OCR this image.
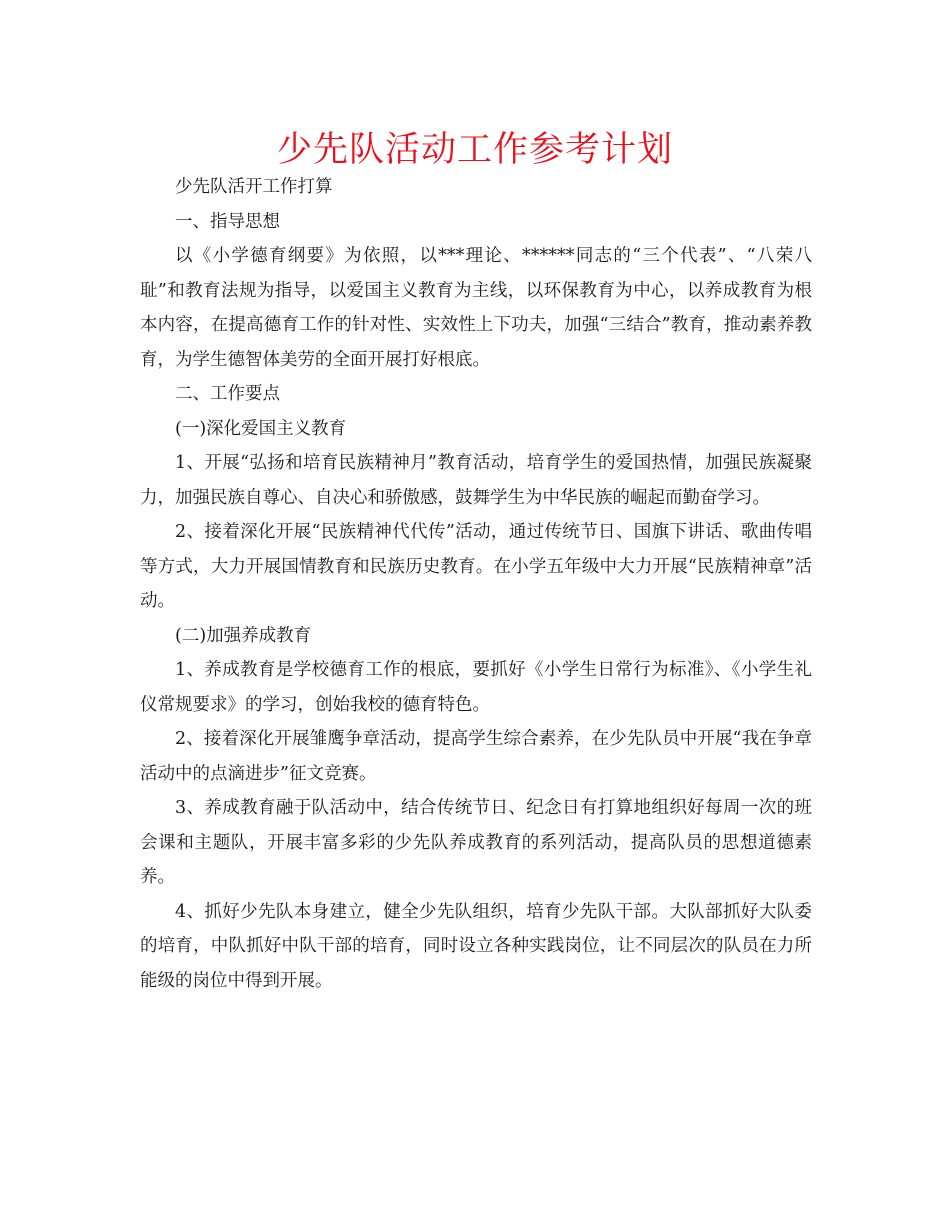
少先队活动工作参考计划

少先队活开工作打算

一、指导思想

以《小学德育纲要》为依照，以***理论、******同志的“三个代表”、“八荣八耻”和教育法规为指导，以爱国主义教育为主线，以环保教育为中心，以养成教育为根本内容，在提高德育工作的针对性、实效性上下功夫，加强“三结合”教育，推动素养教育，为学生德智体美劳的全面开展打好根底。

二、工作要点

(一)深化爱国主义教育

1、开展“弘扬和培育民族精神月”教育活动，培育学生的爱国热情，加强民族凝聚力，加强民族自尊心、自决心和骄傲感，鼓舞学生为中华民族的崛起而勤奋学习。

2、接着深化开展“民族精神代代传”活动，通过传统节日、国旗下讲话、歌曲传唱等方式，大力开展国情教育和民族历史教育。在小学五年级中大力开展“民族精神章”活动。

(二)加强养成教育

1、养成教育是学校德育工作的根底，要抓好《小学生日常行为标准》、《小学生礼仪常规要求》的学习，创始我校的德育特色。

2、接着深化开展雏鹰争章活动，提高学生综合素养，在少先队员中开展“我在争章活动中的点滴进步”征文竞赛。

3、养成教育融于队活动中，结合传统节日、纪念日有打算地组织好每周一次的班会课和主题队，开展丰富多彩的少先队养成教育的系列活动，提高队员的思想道德素养。

4、抓好少先队本身建立，健全少先队组织，培育少先队干部。大队部抓好大队委的培育，中队抓好中队干部的培育，同时设立各种实践岗位，让不同层次的队员在力所能级的岗位中得到开展。
